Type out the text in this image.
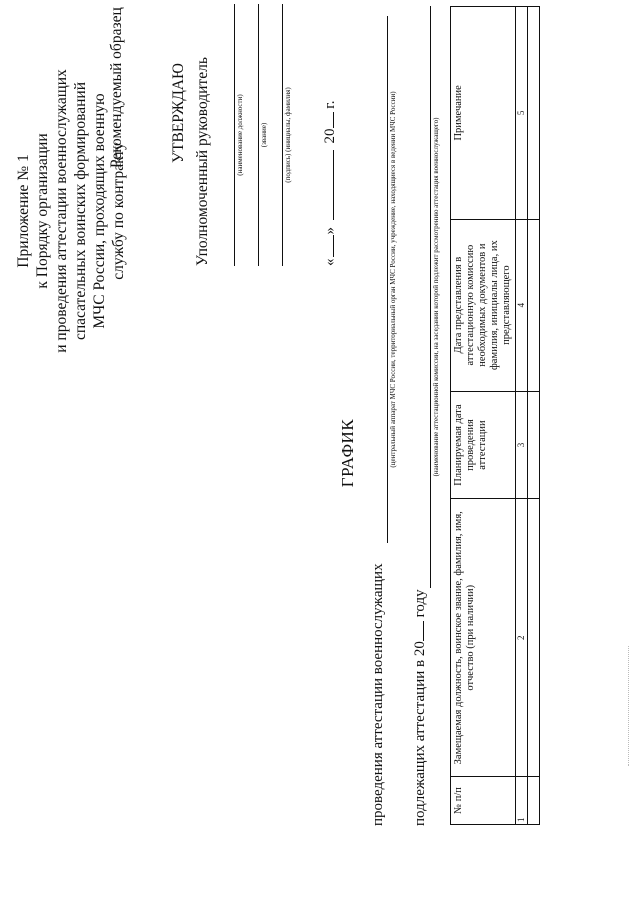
Приложение № 1 к Порядку организации и проведения аттестации военнослужащих спасательных воинских формирований МЧС России, проходящих военную службу по контракту
Рекомендуемый образец	УТВЕРЖДАЮ Уполномоченный руководитель	(наименование должности) (звание) (подпись) (инициалы, фамилия)
«»  20 г.
ГРАФИК
проведения аттестации военнослужащих
(центральный аппарат МЧС России, территориальный орган МЧС России, учреждение, находящиеся в ведении МЧС России)
подлежащих аттестации в 20 году
(наименование аттестационной комиссии, на заседании которой подлежит рассмотрению аттестация военнослужащего)
№ п/п	Замещаемая должность, воинское звание, фамилия, имя, отчество (при наличии)	Планируемая дата проведения аттестации	Дата представления в аттестационную комиссию необходимых документов и фамилия, инициалы лица, их представляющего	Примечание
1	2	3	4	5
